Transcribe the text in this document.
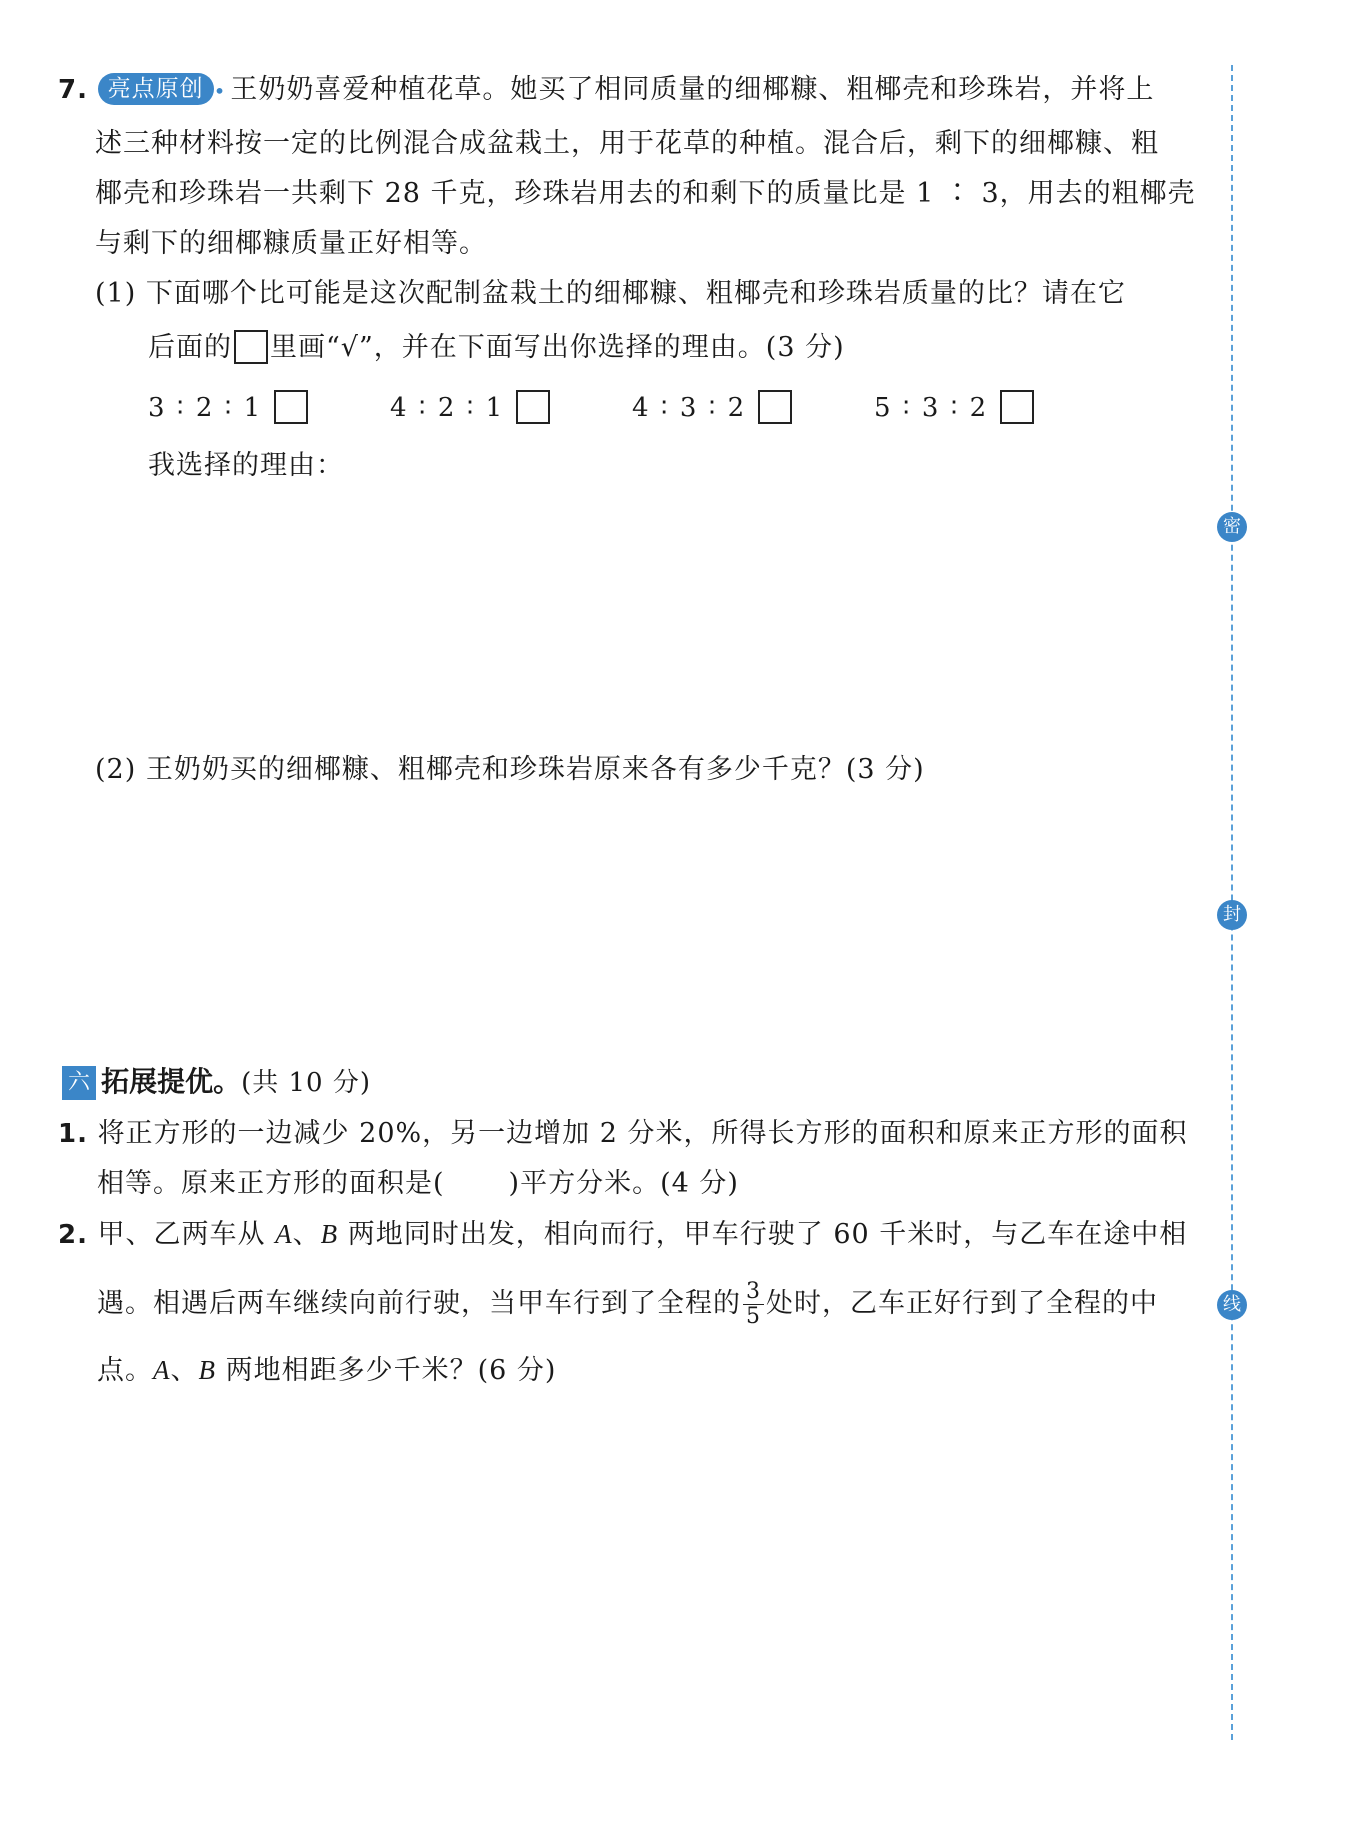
7. 亮点原创 • 王奶奶喜爱种植花草。她买了相同质量的细椰糠、粗椰壳和珍珠岩，并将上
述三种材料按一定的比例混合成盆栽土，用于花草的种植。混合后，剩下的细椰糠、粗
椰壳和珍珠岩一共剩下 28 千克，珍珠岩用去的和剩下的质量比是 1 ∶ 3，用去的粗椰壳
与剩下的细椰糠质量正好相等。
(1) 下面哪个比可能是这次配制盆栽土的细椰糠、粗椰壳和珍珠岩质量的比？请在它
后面的 里画“√”，并在下面写出你选择的理由。(3 分)
3 ∶ 2 ∶ 1	4 ∶ 2 ∶ 1	4 ∶ 3 ∶ 2	5 ∶ 3 ∶ 2
我选择的理由：
(2) 王奶奶买的细椰糠、粗椰壳和珍珠岩原来各有多少千克？(3 分)
六 拓展提优。(共 10 分)
1. 将正方形的一边减少 20%，另一边增加 2 分米，所得长方形的面积和原来正方形的面积
相等。原来正方形的面积是( )平方分米。(4 分)
2. 甲、乙两车从 A、B 两地同时出发，相向而行，甲车行驶了 60 千米时，与乙车在途中相
遇。相遇后两车继续向前行驶，当甲车行到了全程的 $\frac{3}{5}$ 处时，乙车正好行到了全程的中
点。A、B 两地相距多少千米？(6 分)
密
封
线
